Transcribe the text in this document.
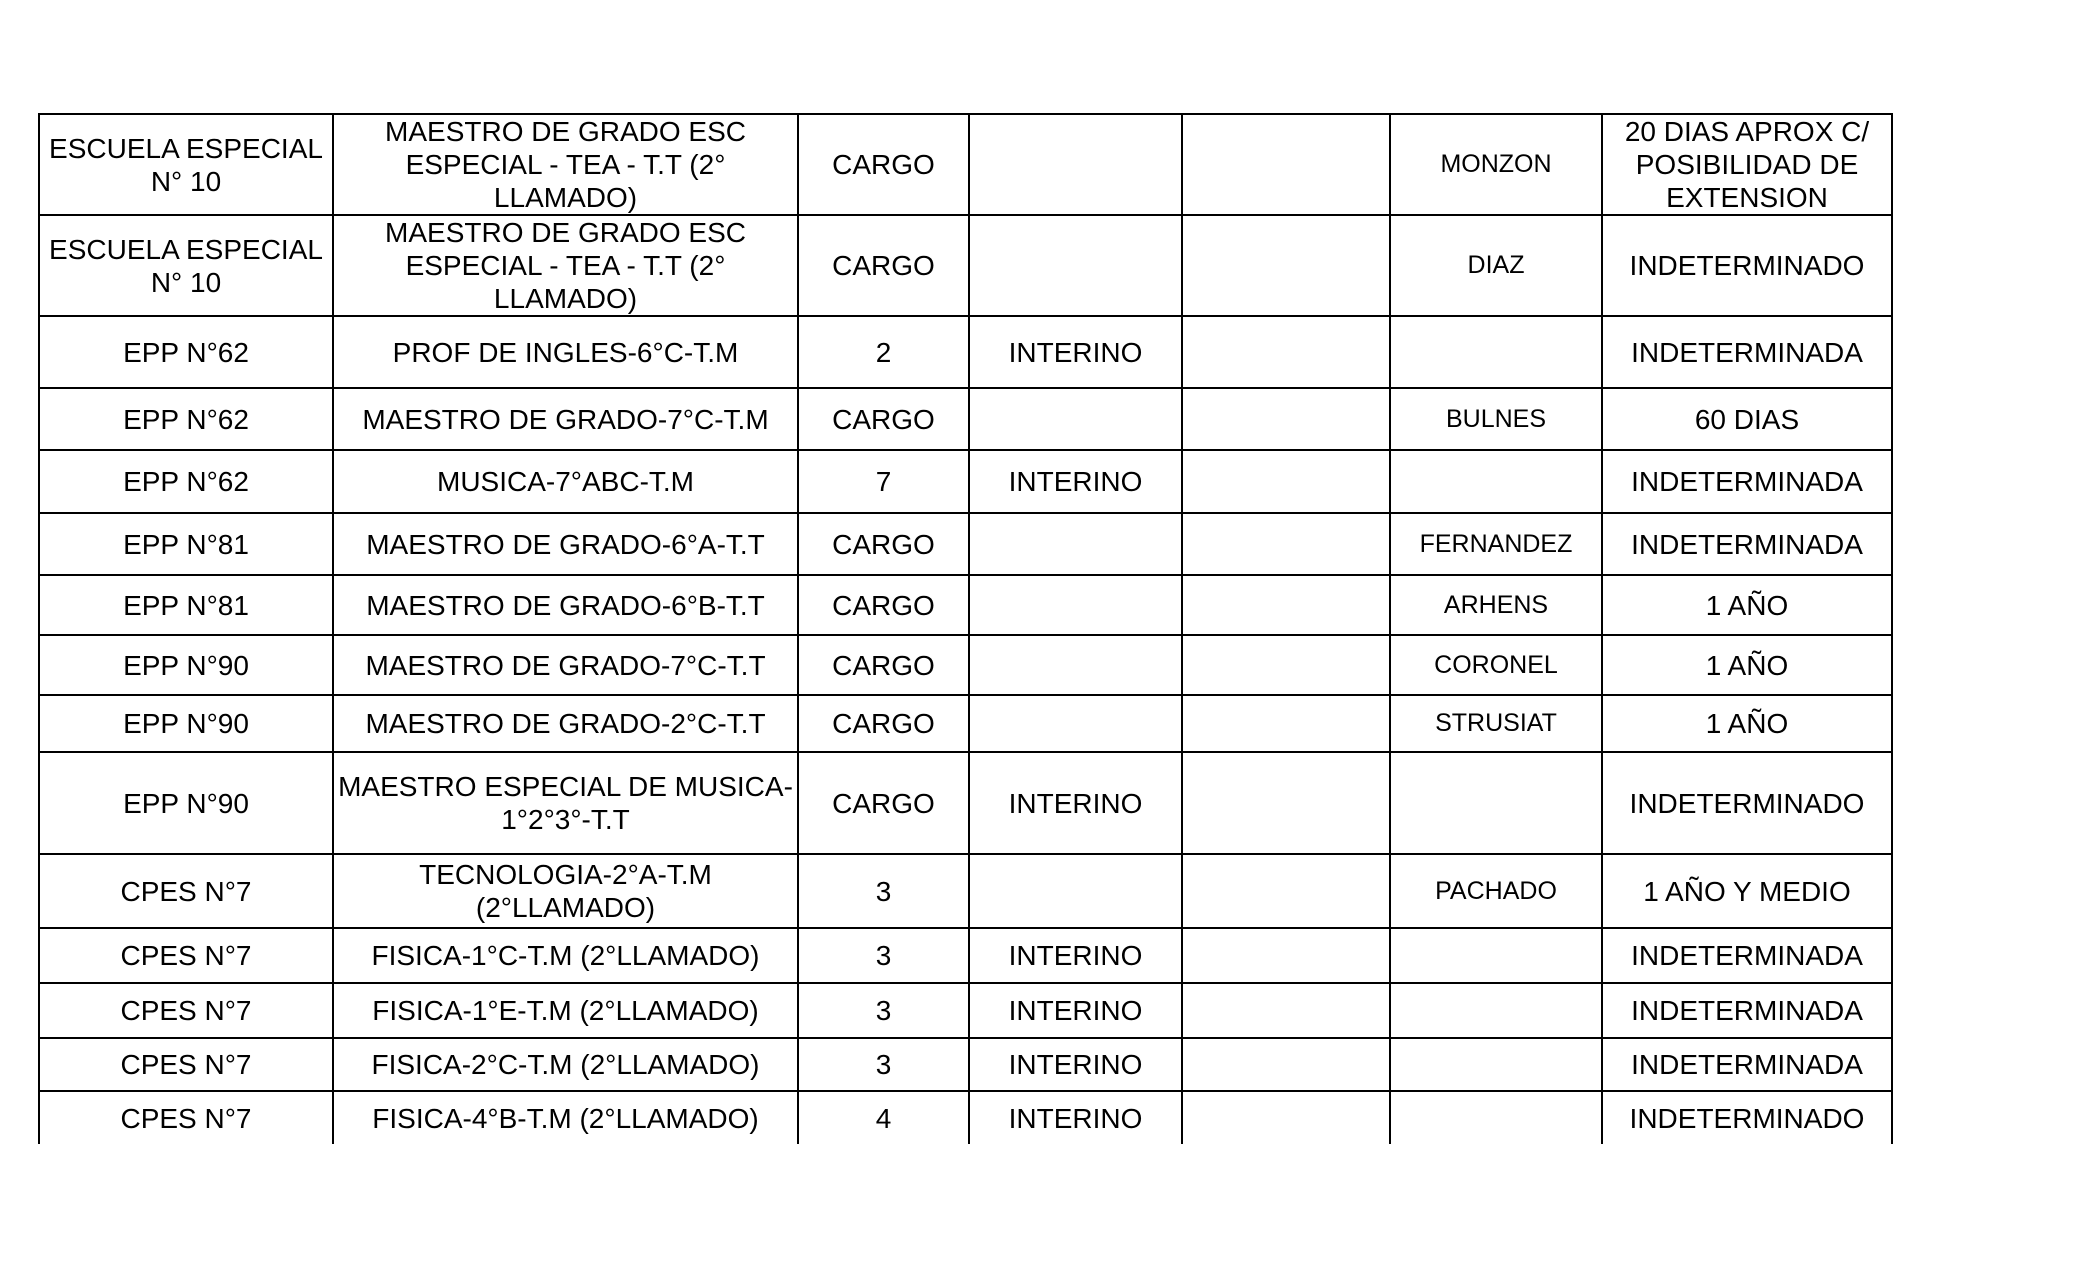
ESCUELA ESPECIAL N° 10	MAESTRO DE GRADO ESC ESPECIAL - TEA - T.T (2° LLAMADO)	CARGO			MONZON	20 DIAS APROX C/ POSIBILIDAD DE EXTENSION
ESCUELA ESPECIAL N° 10	MAESTRO DE GRADO ESC ESPECIAL - TEA - T.T (2° LLAMADO)	CARGO			DIAZ	INDETERMINADO
EPP N°62	PROF DE INGLES-6°C-T.M	2	INTERINO			INDETERMINADA
EPP N°62	MAESTRO DE GRADO-7°C-T.M	CARGO			BULNES	60 DIAS
EPP N°62	MUSICA-7°ABC-T.M	7	INTERINO			INDETERMINADA
EPP N°81	MAESTRO DE GRADO-6°A-T.T	CARGO			FERNANDEZ	INDETERMINADA
EPP N°81	MAESTRO DE GRADO-6°B-T.T	CARGO			ARHENS	1 AÑO
EPP N°90	MAESTRO DE GRADO-7°C-T.T	CARGO			CORONEL	1 AÑO
EPP N°90	MAESTRO DE GRADO-2°C-T.T	CARGO			STRUSIAT	1 AÑO
EPP N°90	MAESTRO ESPECIAL DE MUSICA-1°2°3°-T.T	CARGO	INTERINO			INDETERMINADO
CPES N°7	TECNOLOGIA-2°A-T.M (2°LLAMADO)	3			PACHADO	1 AÑO Y MEDIO
CPES N°7	FISICA-1°C-T.M (2°LLAMADO)	3	INTERINO			INDETERMINADA
CPES N°7	FISICA-1°E-T.M (2°LLAMADO)	3	INTERINO			INDETERMINADA
CPES N°7	FISICA-2°C-T.M (2°LLAMADO)	3	INTERINO			INDETERMINADA
CPES N°7	FISICA-4°B-T.M (2°LLAMADO)	4	INTERINO			INDETERMINADO
